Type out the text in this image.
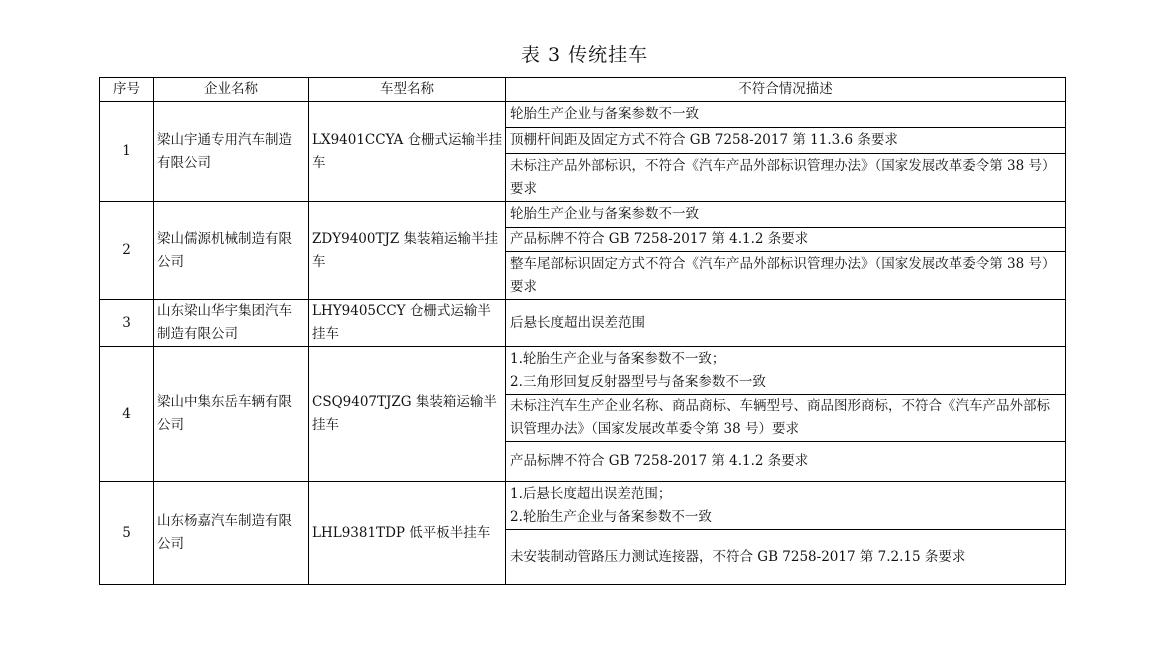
表 3 传统挂车
序号	企业名称	车型名称	不符合情况描述
1	梁山宇通专用汽车制造有限公司	LX9401CCYA 仓栅式运输半挂车	轮胎生产企业与备案参数不一致

			顶棚杆间距及固定方式不符合 GB 7258-2017 第 11.3.6 条要求

			未标注产品外部标识，不符合《汽车产品外部标识管理办法》（国家发展改革委令第 38 号）要求

2	梁山儒源机械制造有限公司	ZDY9400TJZ 集装箱运输半挂车	轮胎生产企业与备案参数不一致

			产品标牌不符合 GB 7258-2017 第 4.1.2 条要求

			整车尾部标识固定方式不符合《汽车产品外部标识管理办法》（国家发展改革委令第 38 号）要求

3	山东梁山华宇集团汽车制造有限公司	LHY9405CCY 仓栅式运输半挂车	后悬长度超出误差范围

4	梁山中集东岳车辆有限公司	CSQ9407TJZG 集装箱运输半挂车	1.轮胎生产企业与备案参数不一致；
2.三角形回复反射器型号与备案参数不一致

			未标注汽车生产企业名称、商品商标、车辆型号、商品图形商标，不符合《汽车产品外部标识管理办法》（国家发展改革委令第 38 号）要求

			产品标牌不符合 GB 7258-2017 第 4.1.2 条要求

5	山东杨嘉汽车制造有限公司	LHL9381TDP 低平板半挂车	1.后悬长度超出误差范围；
2.轮胎生产企业与备案参数不一致

			未安装制动管路压力测试连接器，不符合 GB 7258-2017 第 7.2.15 条要求
